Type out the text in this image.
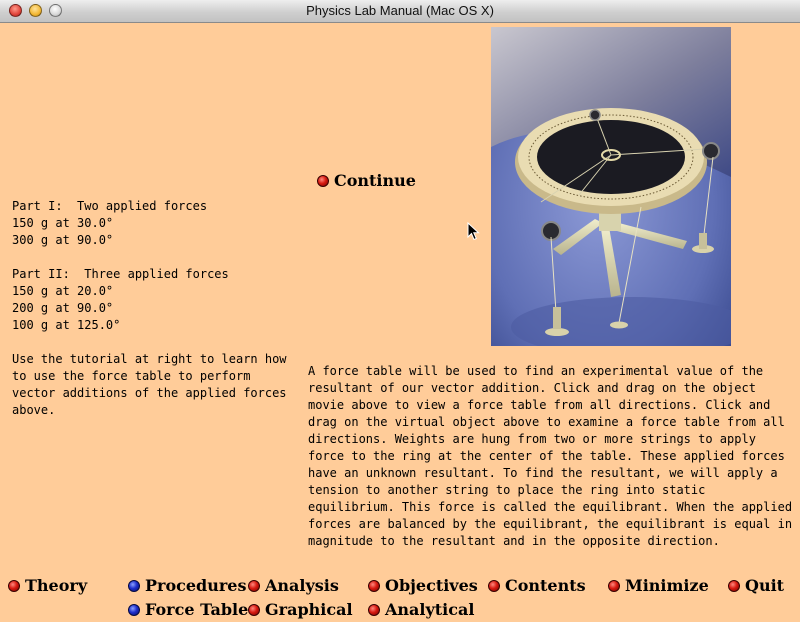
Physics Lab Manual (Mac OS X)
Continue
Part I:  Two applied forces
150 g at 30.0°
300 g at 90.0°

Part II:  Three applied forces
150 g at 20.0°
200 g at 90.0°
100 g at 125.0°
Use the tutorial at right to learn how to use the force table to perform vector additions of the applied forces above.
A force table will be used to find an experimental value of the resultant of our vector addition. Click and drag on the object movie above to view a force table from all directions. Click and drag on the virtual object above to examine a force table from all directions. Weights are hung from two or more strings to apply force to the ring at the center of the table. These applied forces have an unknown resultant. To find the resultant, we will apply a tension to another string to place the ring into static equilibrium. This force is called the equilibrant. When the applied forces are balanced by the equilibrant, the equilibrant is equal in magnitude to the resultant and in the opposite direction.
Theory	Procedures	Analysis	Objectives	Contents	Minimize	Quit
Force Table	Graphical	Analytical
